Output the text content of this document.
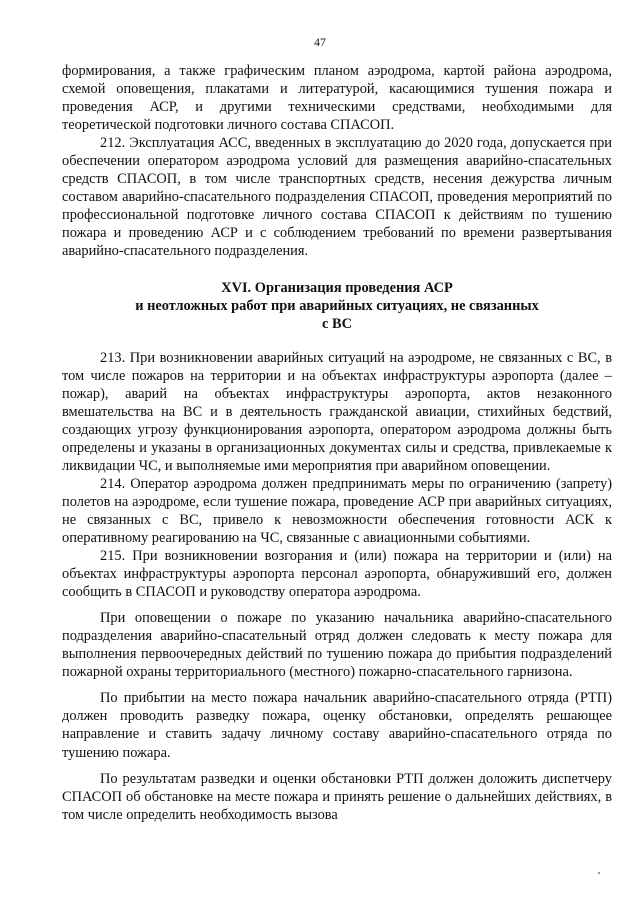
47

формирования, а также графическим планом аэродрома, картой района аэродрома, схемой оповещения, плакатами и литературой, касающимися тушения пожара и проведения АСР, и другими техническими средствами, необходимыми для теоретической подготовки личного состава СПАСОП.

212. Эксплуатация АСС, введенных в эксплуатацию до 2020 года, допускается при обеспечении оператором аэродрома условий для размещения аварийно-спасательных средств СПАСОП, в том числе транспортных средств, несения дежурства личным составом аварийно-спасательного подразделения СПАСОП, проведения мероприятий по профессиональной подготовке личного состава СПАСОП к действиям по тушению пожара и проведению АСР и с соблюдением требований по времени развертывания аварийно-спасательного подразделения.

XVI. Организация проведения АСР
и неотложных работ при аварийных ситуациях, не связанных
с ВС

213. При возникновении аварийных ситуаций на аэродроме, не связанных с ВС, в том числе пожаров на территории и на объектах инфраструктуры аэропорта (далее – пожар), аварий на объектах инфраструктуры аэропорта, актов незаконного вмешательства на ВС и в деятельность гражданской авиации, стихийных бедствий, создающих угрозу функционирования аэропорта, оператором аэродрома должны быть определены и указаны в организационных документах силы и средства, привлекаемые к ликвидации ЧС, и выполняемые ими мероприятия при аварийном оповещении.

214. Оператор аэродрома должен предпринимать меры по ограничению (запрету) полетов на аэродроме, если тушение пожара, проведение АСР при аварийных ситуациях, не связанных с ВС, привело к невозможности обеспечения готовности АСК к оперативному реагированию на ЧС, связанные с авиационными событиями.

215. При возникновении возгорания и (или) пожара на территории и (или) на объектах инфраструктуры аэропорта персонал аэропорта, обнаруживший его, должен сообщить в СПАСОП и руководству оператора аэродрома.

При оповещении о пожаре по указанию начальника аварийно-спасательного подразделения аварийно-спасательный отряд должен следовать к месту пожара для выполнения первоочередных действий по тушению пожара до прибытия подразделений пожарной охраны территориального (местного) пожарно-спасательного гарнизона.

По прибытии на место пожара начальник аварийно-спасательного отряда (РТП) должен проводить разведку пожара, оценку обстановки, определять решающее направление и ставить задачу личному составу аварийно-спасательного отряда по тушению пожара.

По результатам разведки и оценки обстановки РТП должен доложить диспетчеру СПАСОП об обстановке на месте пожара и принять решение о дальнейших действиях, в том числе определить необходимость вызова
